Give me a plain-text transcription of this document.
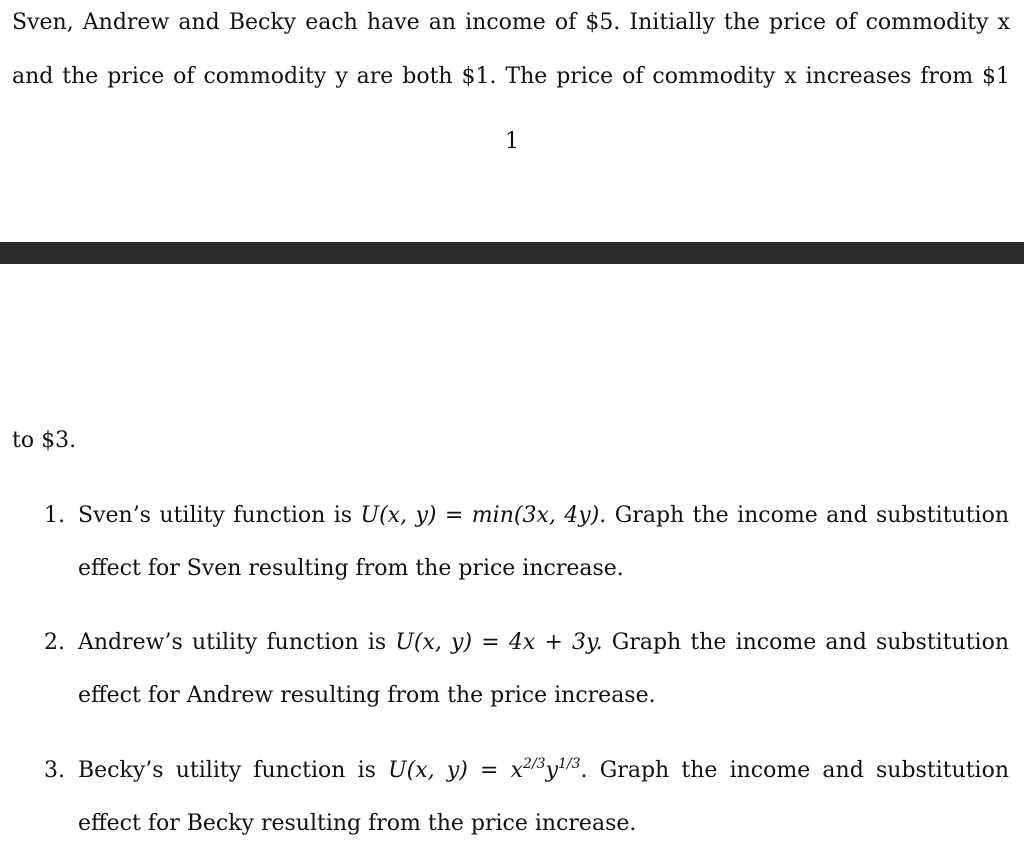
Sven, Andrew and Becky each have an income of $5. Initially the price of commodity x
and the price of commodity y are both $1. The price of commodity x increases from $1
1
to $3.
1. Sven’s utility function is U(x, y) = min(3x, 4y). Graph the income and substitution
effect for Sven resulting from the price increase.
2. Andrew’s utility function is U(x, y) = 4x + 3y. Graph the income and substitution
effect for Andrew resulting from the price increase.
3. Becky’s utility function is U(x, $y) = x^{2/3}y^{1/3}$. Graph the income and substitution
effect for Becky resulting from the price increase.
